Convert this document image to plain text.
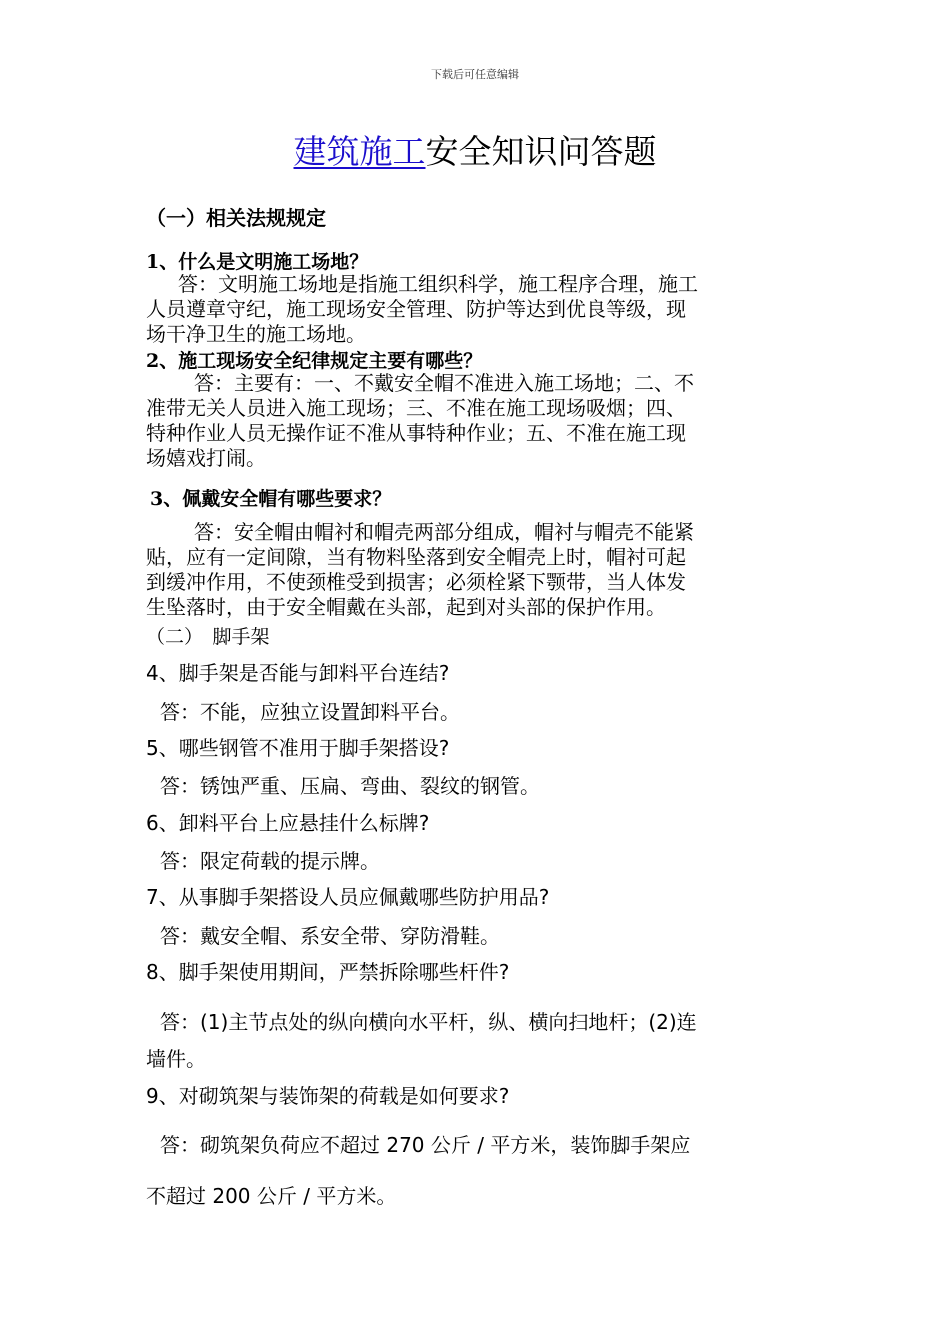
下载后可任意编辑
建筑施工安全知识问答题
（一）相关法规规定
1、什么是文明施工场地？
答：文明施工场地是指施工组织科学，施工程序合理，施工
人员遵章守纪，施工现场安全管理、防护等达到优良等级，现
场干净卫生的施工场地。
2、施工现场安全纪律规定主要有哪些？
答：主要有：一、不戴安全帽不准进入施工场地；二、不
准带无关人员进入施工现场；三、不准在施工现场吸烟；四、
特种作业人员无操作证不准从事特种作业；五、不准在施工现
场嬉戏打闹。
3、佩戴安全帽有哪些要求？
答：安全帽由帽衬和帽壳两部分组成，帽衬与帽壳不能紧
贴，应有一定间隙，当有物料坠落到安全帽壳上时，帽衬可起
到缓冲作用，不使颈椎受到损害；必须栓紧下颚带，当人体发
生坠落时，由于安全帽戴在头部，起到对头部的保护作用。
（二）　脚手架
4、脚手架是否能与卸料平台连结?
答：不能，应独立设置卸料平台。
5、哪些钢管不准用于脚手架搭设?
答：锈蚀严重、压扁、弯曲、裂纹的钢管。
6、卸料平台上应悬挂什么标牌?
答：限定荷载的提示牌。
7、从事脚手架搭设人员应佩戴哪些防护用品?
答：戴安全帽、系安全带、穿防滑鞋。
8、脚手架使用期间，严禁拆除哪些杆件?
答：(1)主节点处的纵向横向水平杆，纵、横向扫地杆；(2)连
墙件。
9、对砌筑架与装饰架的荷载是如何要求?
答：砌筑架负荷应不超过 270 公斤 / 平方米，装饰脚手架应
不超过 200 公斤 / 平方米。
